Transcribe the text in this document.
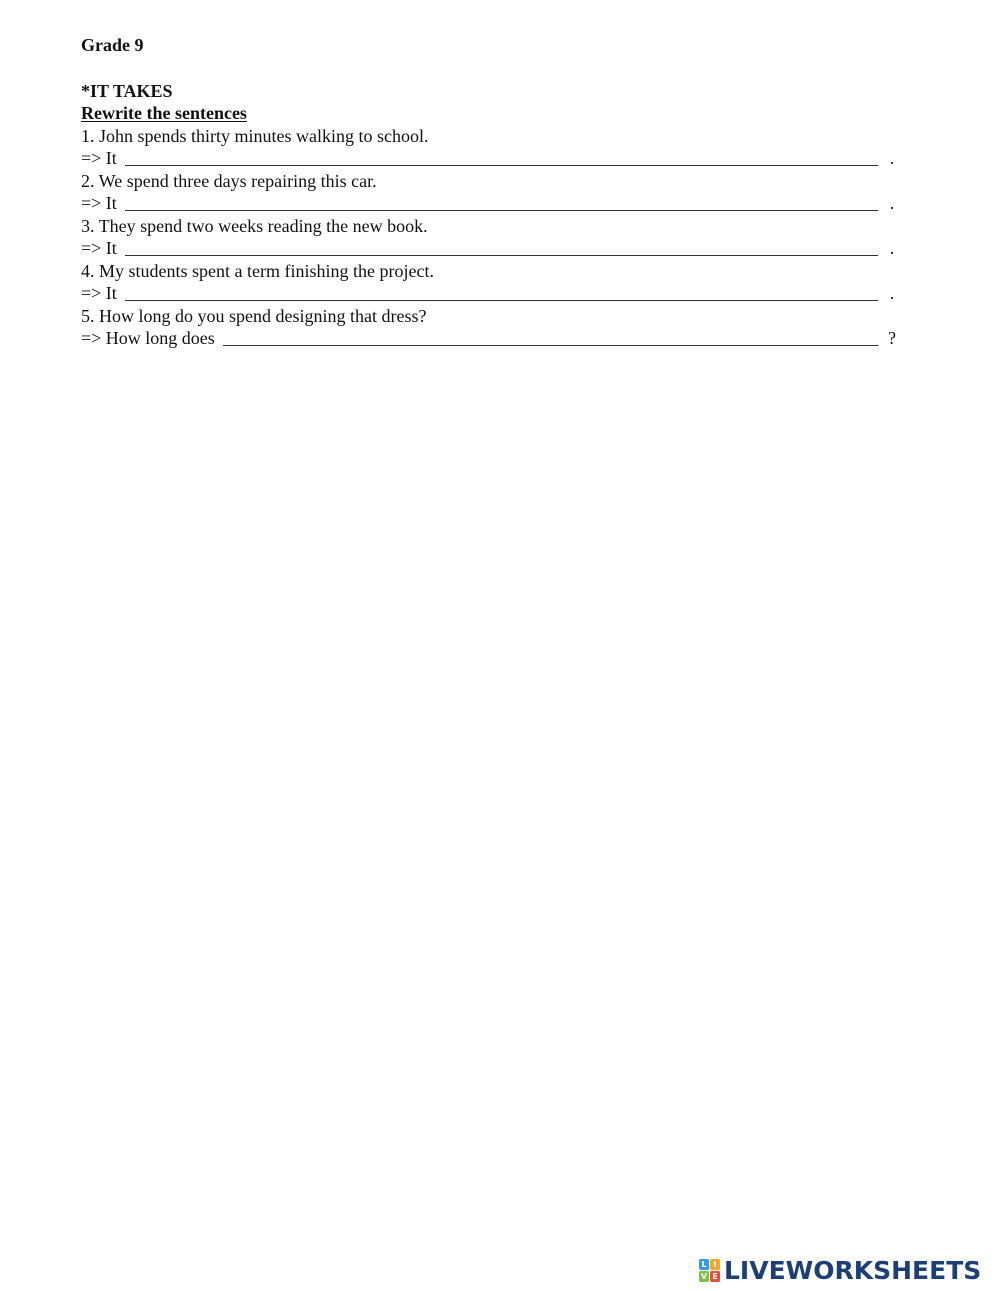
Grade 9
*IT TAKES
Rewrite the sentences
1. John spends thirty minutes walking to school.
=> It	.
2. We spend three days repairing this car.
=> It	.
3. They spend two weeks reading the new book.
=> It	.
4. My students spent a term finishing the project.
=> It	.
5. How long do you spend designing that dress?
=> How long does	?
L I
V E LIVEWORKSHEETS
